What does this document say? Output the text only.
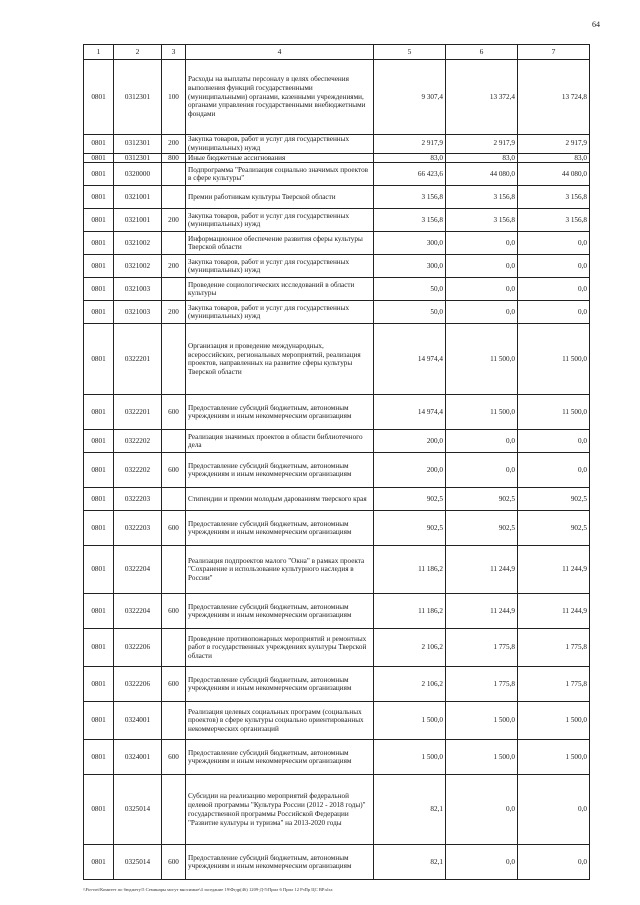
64
1	2	3	4	5	6	7
0801	0312301	100	Расходы на выплаты персоналу в целях обеспечения выполнения функций государственными (муниципальными) органами, казенными учреждениями, органами управления государственными внебюджетными фондами	9 307,4	13 372,4	13 724,8
0801	0312301	200	Закупка товаров, работ и услуг для государственных (муниципальных) нужд	2 917,9	2 917,9	2 917,9
0801	0312301	800	Иные бюджетные ассигнования	83,0	83,0	83,0
0801	0320000		Подпрограмма "Реализация социально значимых проектов в сфере культуры"	66 423,6	44 080,0	44 080,0
0801	0321001		Премии работникам культуры Тверской области	3 156,8	3 156,8	3 156,8
0801	0321001	200	Закупка товаров, работ и услуг для государственных (муниципальных) нужд	3 156,8	3 156,8	3 156,8
0801	0321002		Информационное обеспечение развития сферы культуры Тверской области	300,0	0,0	0,0
0801	0321002	200	Закупка товаров, работ и услуг для государственных (муниципальных) нужд	300,0	0,0	0,0
0801	0321003		Проведение социологических исследований в области культуры	50,0	0,0	0,0
0801	0321003	200	Закупка товаров, работ и услуг для государственных (муниципальных) нужд	50,0	0,0	0,0
0801	0322201		Организация и проведение международных, всероссийских, региональных мероприятий, реализация проектов, направленных на развитие сферы культуры Тверской области	14 974,4	11 500,0	11 500,0
0801	0322201	600	Предоставление субсидий бюджетным, автономным учреждениям и иным некоммерческим организациям	14 974,4	11 500,0	11 500,0
0801	0322202		Реализация значимых проектов в области библиотечного дела	200,0	0,0	0,0
0801	0322202	600	Предоставление субсидий бюджетным, автономным учреждениям и иным некоммерческим организациям	200,0	0,0	0,0
0801	0322203		Стипендии и премии молодым дарованиям тверского края	902,5	902,5	902,5
0801	0322203	600	Предоставление субсидий бюджетным, автономным учреждениям и иным некоммерческим организациям	902,5	902,5	902,5
0801	0322204		Реализация подпроектов малого "Окна" в рамках проекта "Сохранение и использование культурного наследия в России"	11 186,2	11 244,9	11 244,9
0801	0322204	600	Предоставление субсидий бюджетным, автономным учреждениям и иным некоммерческим организациям	11 186,2	11 244,9	11 244,9
0801	0322206		Проведение противопожарных мероприятий и ремонтных работ в государственных учреждениях культуры Тверской области	2 106,2	1 775,8	1 775,8
0801	0322206	600	Предоставление субсидий бюджетным, автономным учреждениям и иным некоммерческим организациям	2 106,2	1 775,8	1 775,8
0801	0324001		Реализация целевых социальных программ (социальных проектов) в сфере культуры социально ориентированных некоммерческих организаций	1 500,0	1 500,0	1 500,0
0801	0324001	600	Предоставление субсидий бюджетным, автономным учреждениям и иным некоммерческим организациям	1 500,0	1 500,0	1 500,0
0801	0325014		Субсидии на реализацию мероприятий федеральной целевой программы "Культура России (2012 - 2018 годы)" государственной программы Российской Федерации "Развитие культуры и туризма" на 2013-2020 годы	82,1	0,0	0,0
0801	0325014	600	Предоставление субсидий бюджетным, автономным учреждениям и иным некоммерческим организациям	82,1	0,0	0,0
\\Fin-net\Комитет по бюджету\5 Семинары могут вносимые\4 заседание 19\Фгдр(46) 1209-Д-5\Прил 6 Прил 12 РзПр ЦС ВР.xlsx
